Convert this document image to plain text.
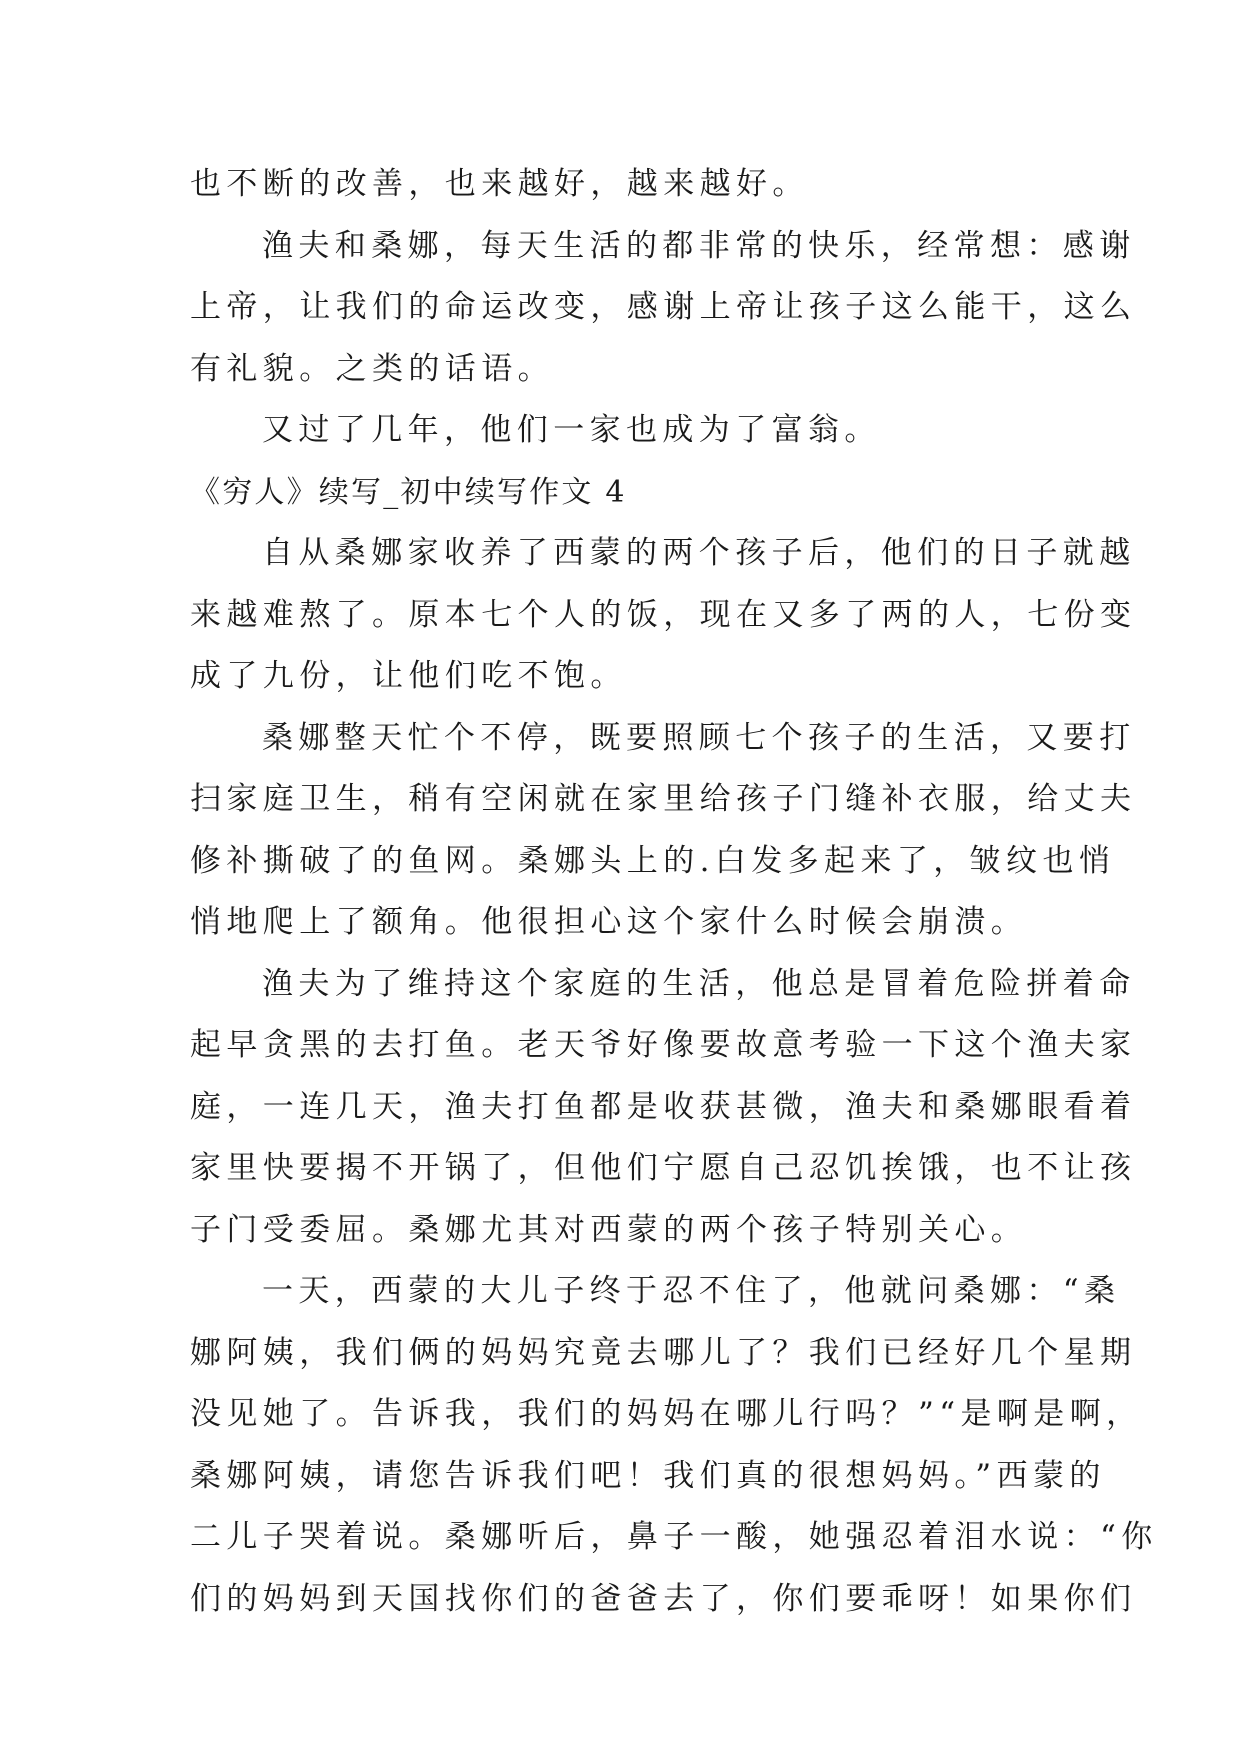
也不断的改善，也来越好，越来越好。

渔夫和桑娜，每天生活的都非常的快乐，经常想：感谢

上帝，让我们的命运改变，感谢上帝让孩子这么能干，这么

有礼貌。之类的话语。

又过了几年，他们一家也成为了富翁。

《穷人》续写_初中续写作文 4

自从桑娜家收养了西蒙的两个孩子后，他们的日子就越

来越难熬了。原本七个人的饭，现在又多了两的人，七份变

成了九份，让他们吃不饱。

桑娜整天忙个不停，既要照顾七个孩子的生活，又要打

扫家庭卫生，稍有空闲就在家里给孩子门缝补衣服，给丈夫

修补撕破了的鱼网。桑娜头上的.白发多起来了，皱纹也悄

悄地爬上了额角。他很担心这个家什么时候会崩溃。

渔夫为了维持这个家庭的生活，他总是冒着危险拼着命

起早贪黑的去打鱼。老天爷好像要故意考验一下这个渔夫家

庭，一连几天，渔夫打鱼都是收获甚微，渔夫和桑娜眼看着

家里快要揭不开锅了，但他们宁愿自己忍饥挨饿，也不让孩

子门受委屈。桑娜尤其对西蒙的两个孩子特别关心。

一天，西蒙的大儿子终于忍不住了，他就问桑娜：“桑

娜阿姨，我们俩的妈妈究竟去哪儿了？我们已经好几个星期

没见她了。告诉我，我们的妈妈在哪儿行吗？”“是啊是啊，

桑娜阿姨，请您告诉我们吧！我们真的很想妈妈。”西蒙的

二儿子哭着说。桑娜听后，鼻子一酸，她强忍着泪水说：“你

们的妈妈到天国找你们的爸爸去了，你们要乖呀！如果你们
